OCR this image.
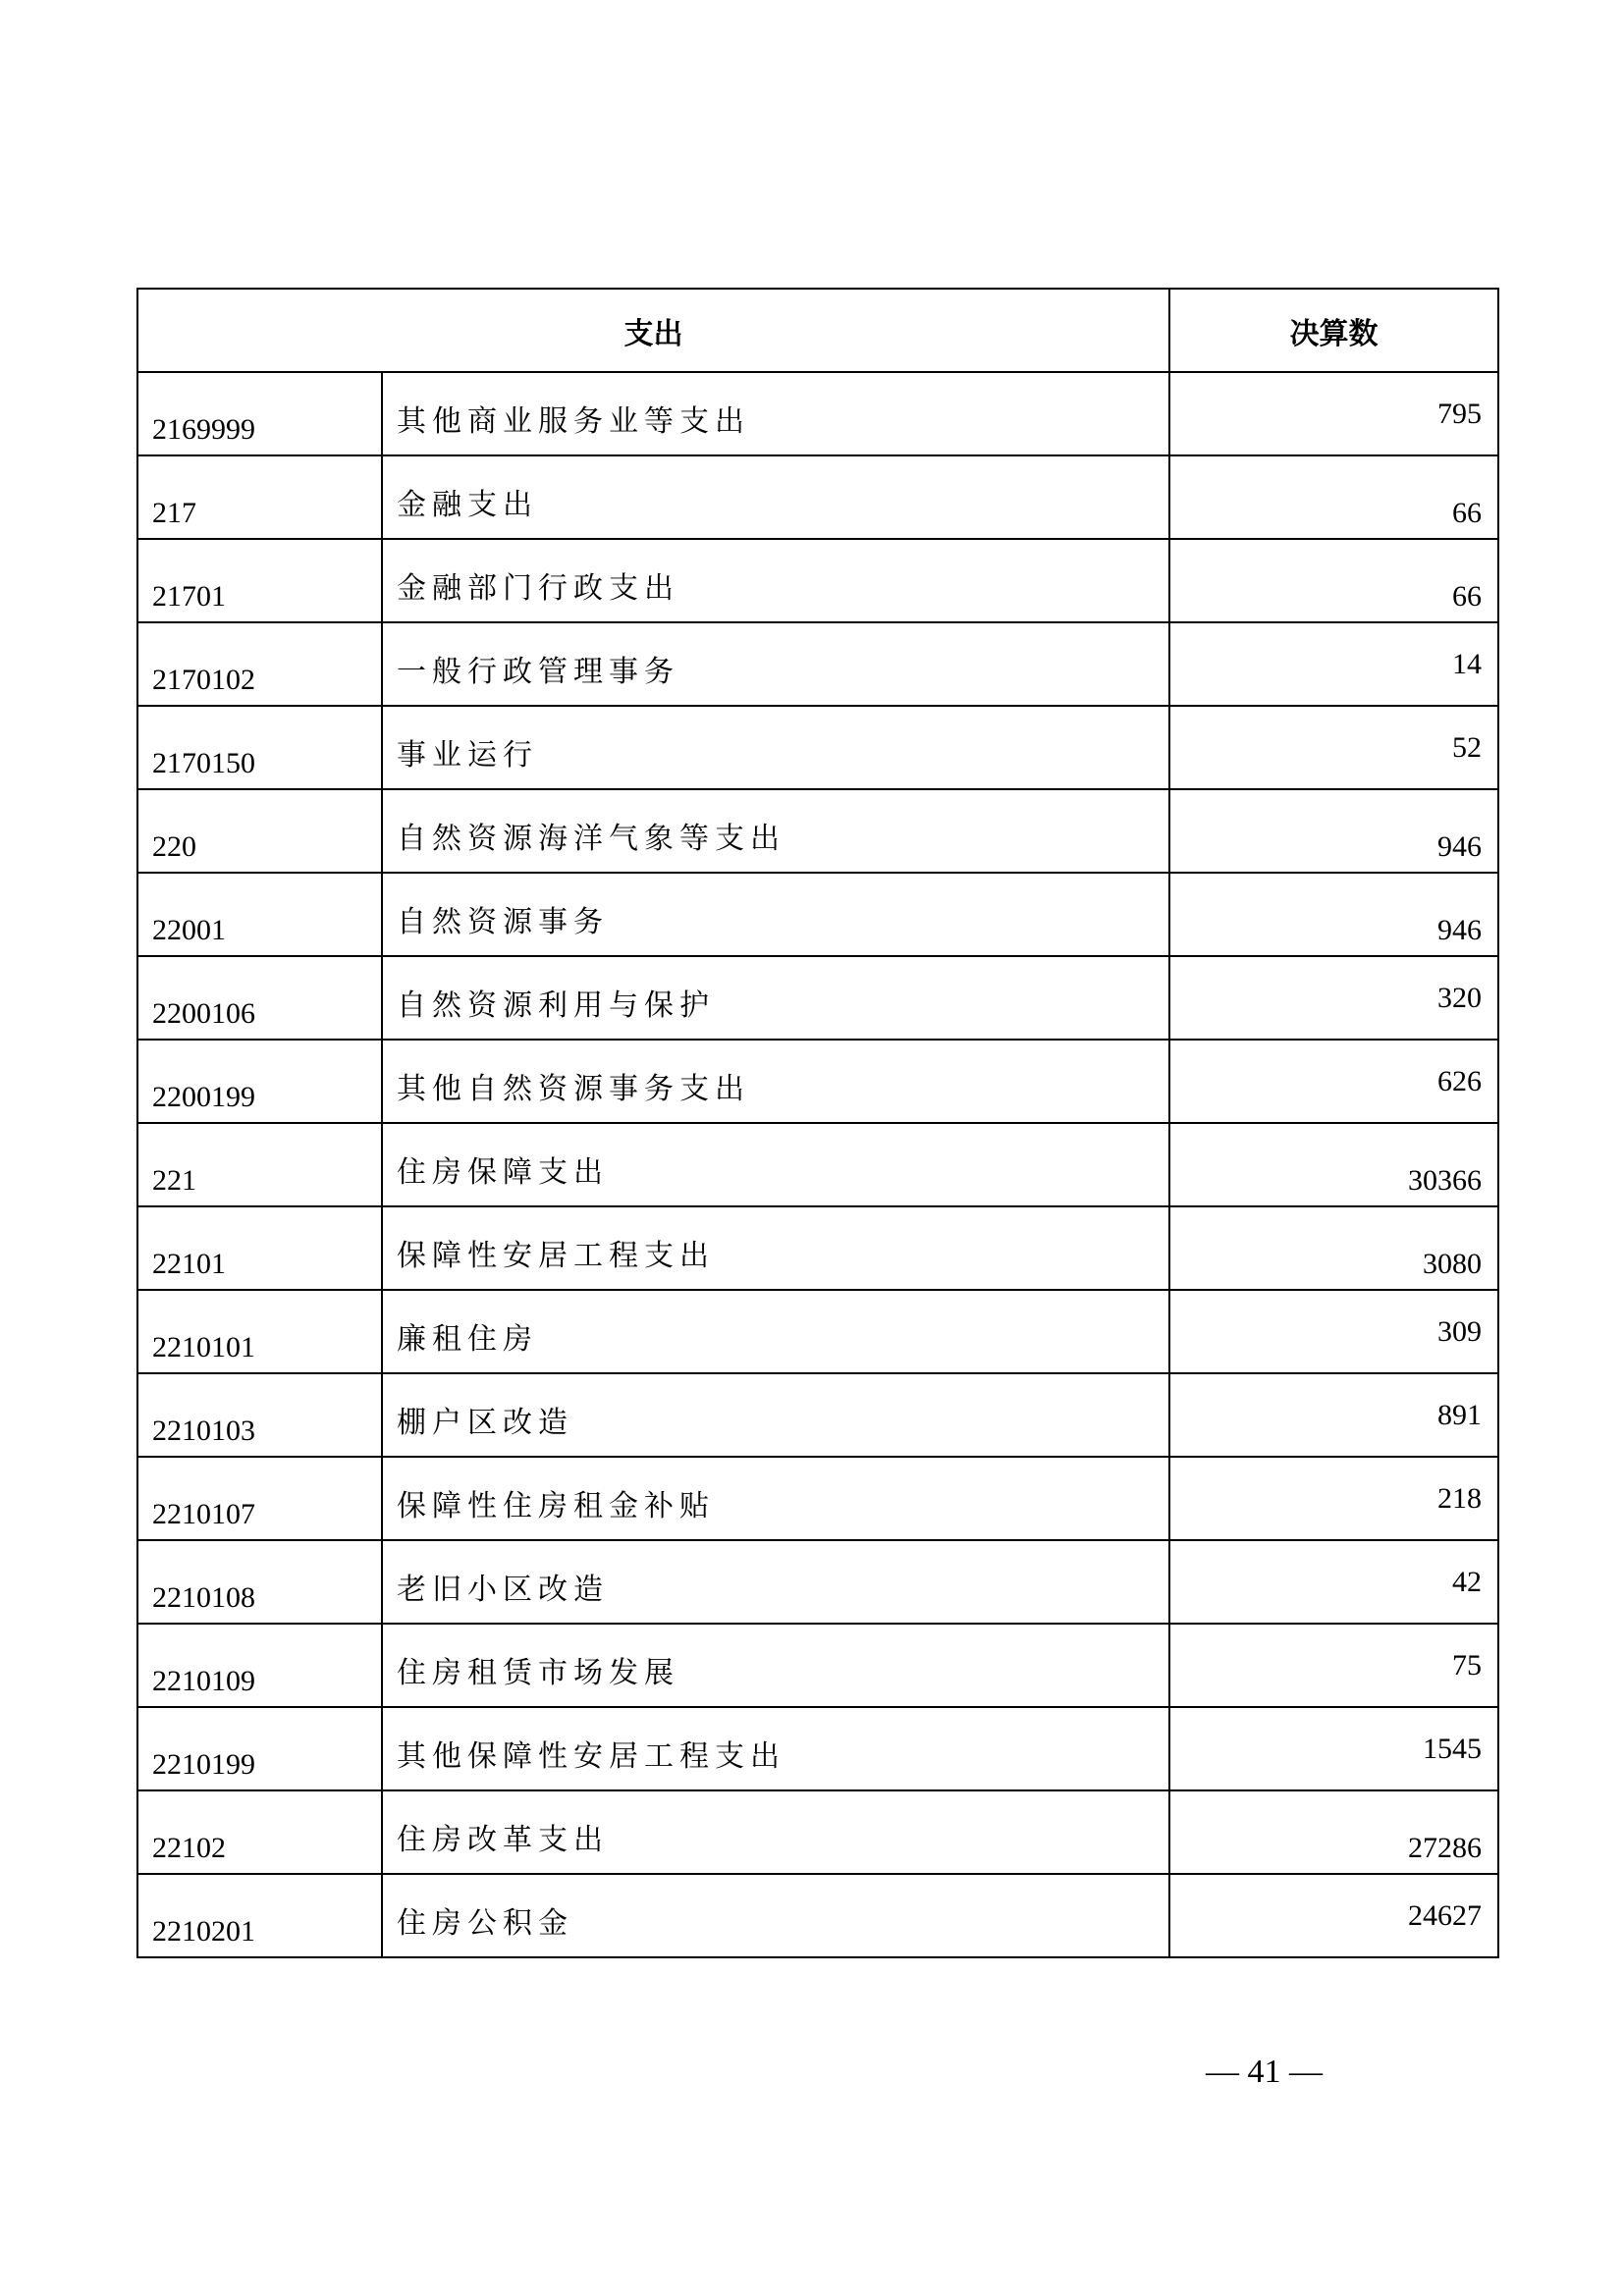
支出		决算数
2169999	其他商业服务业等支出	795
217	金融支出	66
21701	金融部门行政支出	66
2170102	一般行政管理事务	14
2170150	事业运行	52
220	自然资源海洋气象等支出	946
22001	自然资源事务	946
2200106	自然资源利用与保护	320
2200199	其他自然资源事务支出	626
221	住房保障支出	30366
22101	保障性安居工程支出	3080
2210101	廉租住房	309
2210103	棚户区改造	891
2210107	保障性住房租金补贴	218
2210108	老旧小区改造	42
2210109	住房租赁市场发展	75
2210199	其他保障性安居工程支出	1545
22102	住房改革支出	27286
2210201	住房公积金	24627
— 41 —
